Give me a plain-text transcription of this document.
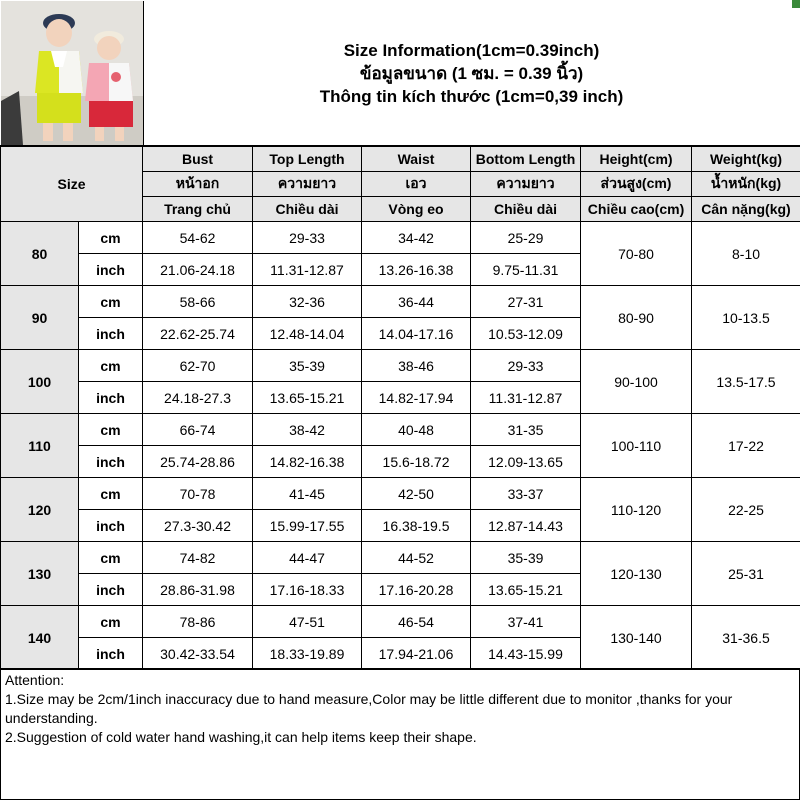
Size Information(1cm=0.39inch)
ข้อมูลขนาด (1 ซม. = 0.39 นิ้ว)
Thông tin kích thước (1cm=0,39 inch)
Size		Bust	Top Length	Waist	Bottom Length	Height(cm)	Weight(kg)
		หน้าอก	ความยาว	เอว	ความยาว	ส่วนสูง(cm)	น้ำหนัก(kg)
		Trang chủ	Chiều dài	Vòng eo	Chiều dài	Chiều cao(cm)	Cân nặng(kg)
80	cm	54-62	29-33	34-42	25-29	70-80	8-10
	inch	21.06-24.18	11.31-12.87	13.26-16.38	9.75-11.31		
90	cm	58-66	32-36	36-44	27-31	80-90	10-13.5
	inch	22.62-25.74	12.48-14.04	14.04-17.16	10.53-12.09		
100	cm	62-70	35-39	38-46	29-33	90-100	13.5-17.5
	inch	24.18-27.3	13.65-15.21	14.82-17.94	11.31-12.87		
110	cm	66-74	38-42	40-48	31-35	100-110	17-22
	inch	25.74-28.86	14.82-16.38	15.6-18.72	12.09-13.65		
120	cm	70-78	41-45	42-50	33-37	110-120	22-25
	inch	27.3-30.42	15.99-17.55	16.38-19.5	12.87-14.43		
130	cm	74-82	44-47	44-52	35-39	120-130	25-31
	inch	28.86-31.98	17.16-18.33	17.16-20.28	13.65-15.21		
140	cm	78-86	47-51	46-54	37-41	130-140	31-36.5
	inch	30.42-33.54	18.33-19.89	17.94-21.06	14.43-15.99		
Attention:
1.Size may be 2cm/1inch inaccuracy due to hand measure,Color may be little different due to monitor ,thanks for your understanding.
2.Suggestion of cold water hand washing,it can help items keep their shape.
